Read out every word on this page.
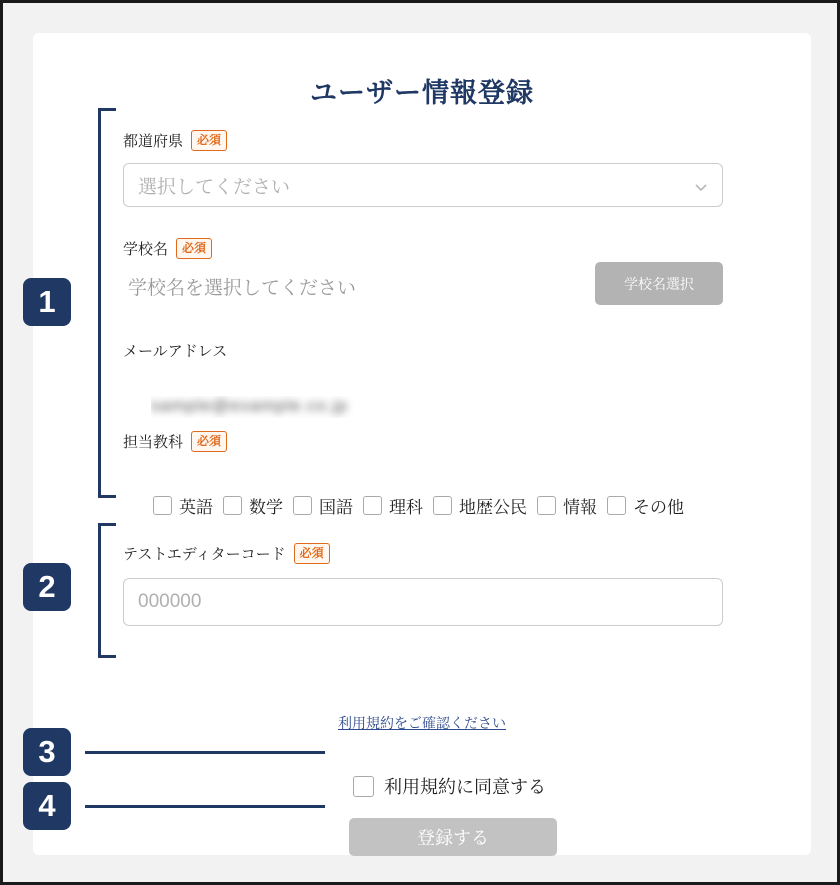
ユーザー情報登録
都道府県	必須
選択してください
学校名	必須
学校名を選択してください	学校名選択
メールアドレス
sample@example.co.jp
担当教科	必須
英語 数学 国語 理科 地歴公民 情報 その他
テストエディターコード	必須
000000
利用規約をご確認ください
利用規約に同意する
登録する
1
2
3
4
